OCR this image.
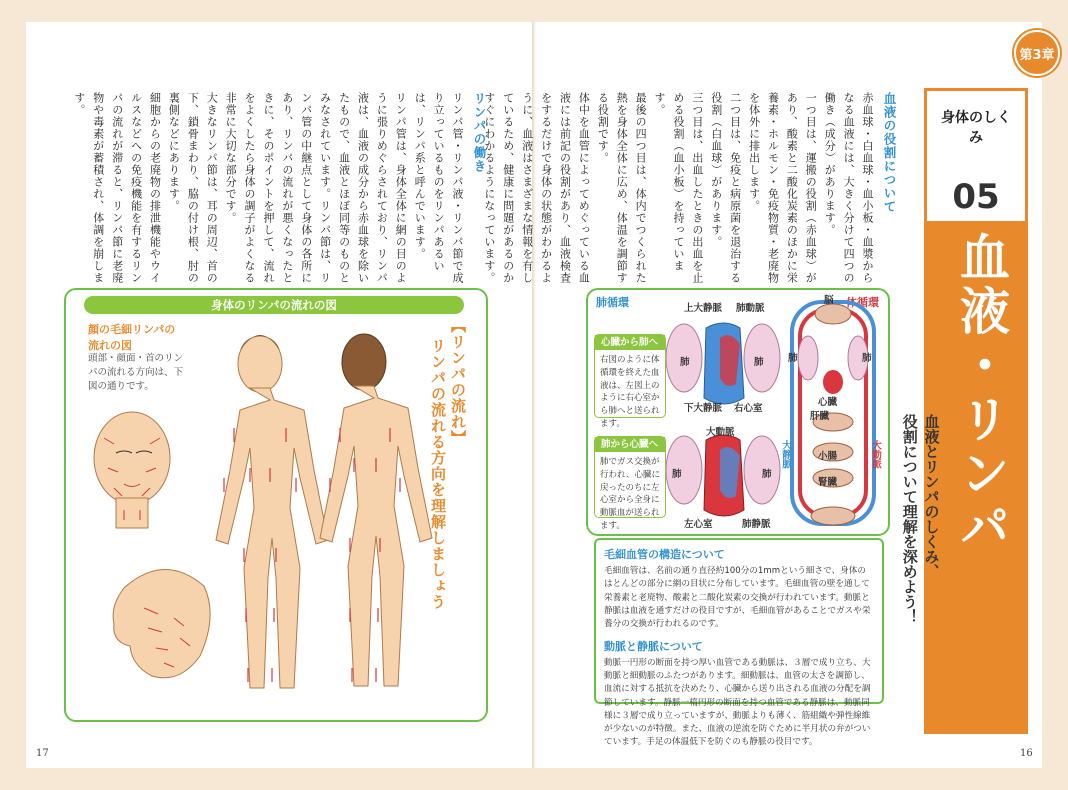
第3章
身体のしくみ
05
血液・リンパ
血液とリンパのしくみ、
役割について理解を深めよう！
血液の役割について

赤血球・白血球・血小板・血漿からなる血液には、大きく分けて四つの働き（成分）があります。

一つ目は、運搬の役割（赤血球）があり、酸素と二酸化炭素のほかに栄養素・ホルモン・免疫物質・老廃物を体外に排出します。

二つ目は、免疫と病原菌を退治する役割（白血球）があります。

三つ目は、出血したときの出血を止める役割（血小板）を持っています。

最後の四つ目は、体内でつくられた熱を身体全体に広め、体温を調節する役割です。

体中を血管によってめぐっている血液には前記の役割があり、血液検査をするだけで身体の状態がわかるように、血液はさまざまな情報を有しているため、健康に問題があるのかすぐにわかるようになっています。

リンパの働き

リンパ管・リンパ液・リンパ節で成り立っているものをリンパあるいは、リンパ系と呼んでいます。

リンパ管は、身体全体に網の目のように張りめぐらされており、リンパ液は、血液の成分から赤血球を除いたもので、血液とほぼ同等のものとみなされています。リンパ節は、リンパ管の中継点として身体の各所にあり、リンパの流れが悪くなったときに、そのポイントを押して、流れをよくしたら身体の調子がよくなる非常に大切な部分です。

大きなリンパ節は、耳の周辺、首の下、鎖骨まわり、脇の付け根、肘の裏側などにあります。

細胞からの老廃物の排泄機能やウイルスなどへの免疫機能を有するリンパの流れが滞ると、リンパ節に老廃物や毒素が蓄積され、体調を崩します。

身体のリンパの流れの図
顔の毛細リンパの流れの図
頭部・顔面・首のリンパの流れる方向は、下図の通りです。	【リンパの流れ】
リンパの流れる方向を理解しましょう
肺循環	体循環
上大静脈 肺動脈
肺	肺
下大静脈 右心室
大動脈
肺	肺
左心室	肺静脈
脳
肺	肺
心臓
肝臓
小腸
腎臓
大静脈	大動脈
心臓から肺へ
右図のように体循環を終えた血液は、左図上のように右心室から肺へと送られます。
肺から心臓へ
肺でガス交換が行われ、心臓に戻ったのちに左心室から全身に動脈血が送られます。
毛細血管の構造について

毛細血管は、名前の通り直径約100分の1mmという細さで、身体のはとんどの部分に網の目状に分布しています。毛細血管の壁を通して栄養素と老廃物、酸素と二酸化炭素の交換が行われています。動脈と静脈は血液を通すだけの役目ですが、毛細血管があることでガスや栄養分の交換が行われるのです。

動脈と静脈について

動脈一円形の断面を持つ厚い血管である動脈は、３層で成り立ち、大動脈と細動脈のふたつがあります。細動脈は、血管の太さを調節し、血流に対する抵抗を決めたり、心臓から送り出される血液の分配を調節しています。静脈一楕円形の断面を持つ血管である静脈は、動脈同様に３層で成り立っていますが、動脈よりも薄く、筋組織や弾性線維が少ないのが特徴。また、血液の逆流を防ぐために半月状の弁がついています。手足の体温低下を防ぐのも静脈の役目です。

17	16
